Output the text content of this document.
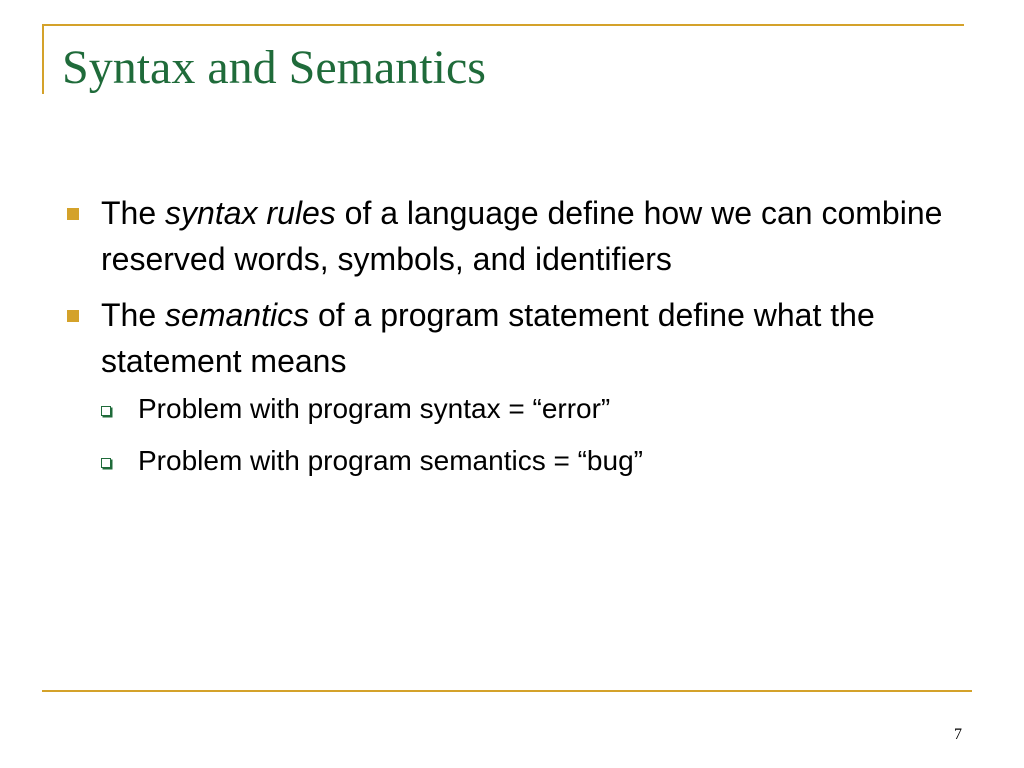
Syntax and Semantics
The syntax rules of a language define how we can combine reserved words, symbols, and identifiers
The semantics of a program statement define what the statement means
Problem with program syntax = “error”
Problem with program semantics = “bug”
7
